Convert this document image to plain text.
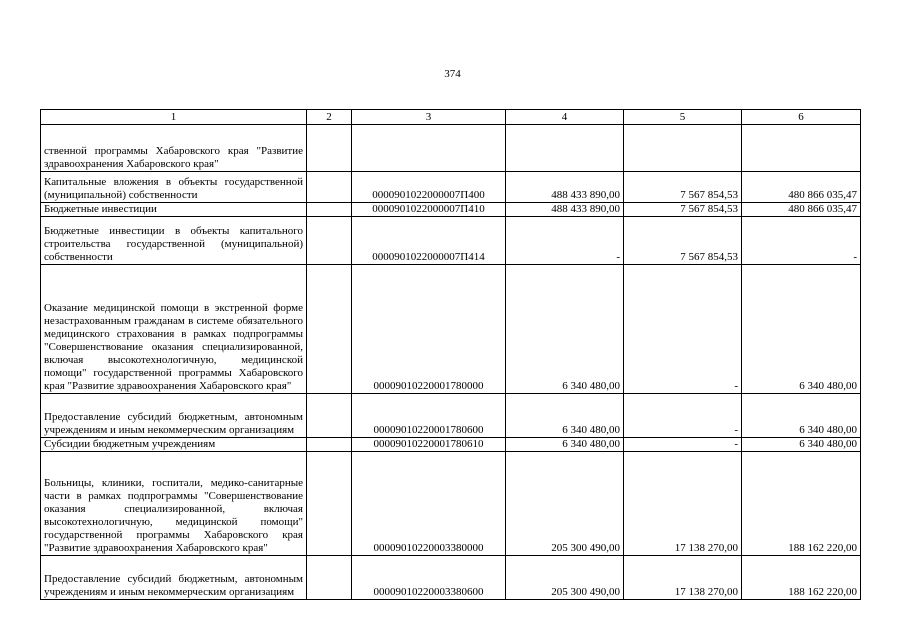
374
1	2	3	4	5	6
ственной программы Хабаровского края "Развитие здравоохранения Хабаровского края"					
Капитальные вложения в объекты государственной (муниципальной) собственности		0000901022000007П400	488 433 890,00	7 567 854,53	480 866 035,47
Бюджетные инвестиции		0000901022000007П410	488 433 890,00	7 567 854,53	480 866 035,47
Бюджетные инвестиции в объекты капитального строительства государственной (муниципальной) собственности		0000901022000007П414	-	7 567 854,53	-
Оказание медицинской помощи в экстренной форме незастрахованным гражданам в системе обязательного медицинского страхования в рамках подпрограммы "Совершенствование оказания специализированной, включая высокотехнологичную, медицинской помощи" государственной программы Хабаровского края "Развитие здравоохранения Хабаровского края"		00009010220001780000	6 340 480,00	-	6 340 480,00
Предоставление субсидий бюджетным, автономным учреждениям и иным некоммерческим организациям		00009010220001780600	6 340 480,00	-	6 340 480,00
Субсидии бюджетным учреждениям		00009010220001780610	6 340 480,00	-	6 340 480,00
Больницы, клиники, госпитали, медико-санитарные части в рамках подпрограммы "Совершенствование оказания специализированной, включая высокотехнологичную, медицинской помощи" государственной программы Хабаровского края "Развитие здравоохранения Хабаровского края"		00009010220003380000	205 300 490,00	17 138 270,00	188 162 220,00
Предоставление субсидий бюджетным, автономным учреждениям и иным некоммерческим организациям		00009010220003380600	205 300 490,00	17 138 270,00	188 162 220,00
